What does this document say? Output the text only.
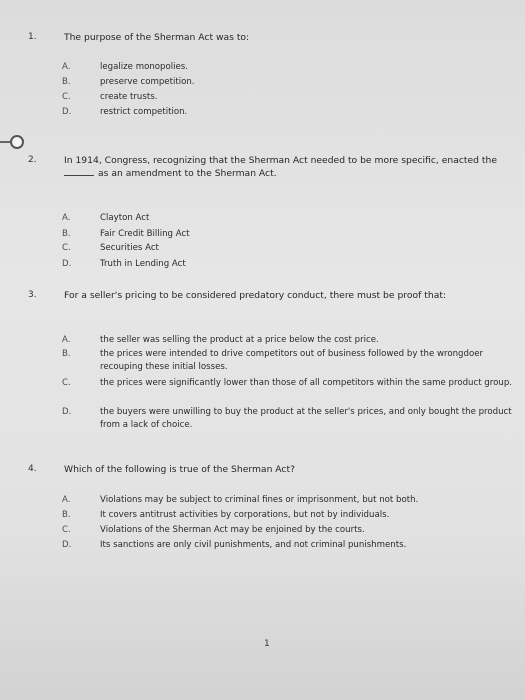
1.	The purpose of the Sherman Act was to:
A.	legalize monopolies.
B.	preserve competition.
C.	create trusts.
D.	restrict competition.
2.	In 1914, Congress, recognizing that the Sherman Act needed to be more specific, enacted the
as an amendment to the Sherman Act.
A.	Clayton Act
B.	Fair Credit Billing Act
C.	Securities Act
D.	Truth in Lending Act
3.	For a seller's pricing to be considered predatory conduct, there must be proof that:
A.	the seller was selling the product at a price below the cost price.
B.	the prices were intended to drive competitors out of business followed by the wrongdoer recouping these initial losses.
C.	the prices were significantly lower than those of all competitors within the same product group.
D.	the buyers were unwilling to buy the product at the seller's prices, and only bought the product from a lack of choice.
4.	Which of the following is true of the Sherman Act?
A.	Violations may be subject to criminal fines or imprisonment, but not both.
B.	It covers antitrust activities by corporations, but not by individuals.
C.	Violations of the Sherman Act may be enjoined by the courts.
D.	Its sanctions are only civil punishments, and not criminal punishments.
1
